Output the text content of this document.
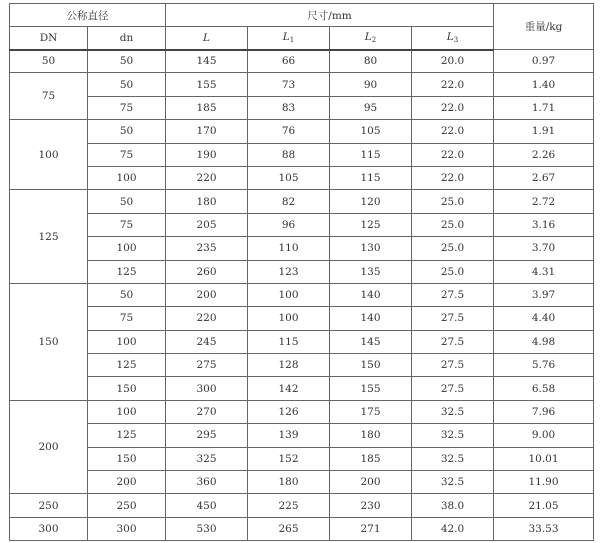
公称直径		尺寸/mm				重量/kg
DN	dn	L	$L_1$	$L_2$	$L_3$
50	50	145	66	80	20.0	0.97
75	50	155	73	90	22.0	1.40
	75	185	83	95	22.0	1.71
100	50	170	76	105	22.0	1.91
	75	190	88	115	22.0	2.26
	100	220	105	115	22.0	2.67
125	50	180	82	120	25.0	2.72
	75	205	96	125	25.0	3.16
	100	235	110	130	25.0	3.70
	125	260	123	135	25.0	4.31
150	50	200	100	140	27.5	3.97
	75	220	100	140	27.5	4.40
	100	245	115	145	27.5	4.98
	125	275	128	150	27.5	5.76
	150	300	142	155	27.5	6.58
200	100	270	126	175	32.5	7.96
	125	295	139	180	32.5	9.00
	150	325	152	185	32.5	10.01
	200	360	180	200	32.5	11.90
250	250	450	225	230	38.0	21.05
300	300	530	265	271	42.0	33.53
